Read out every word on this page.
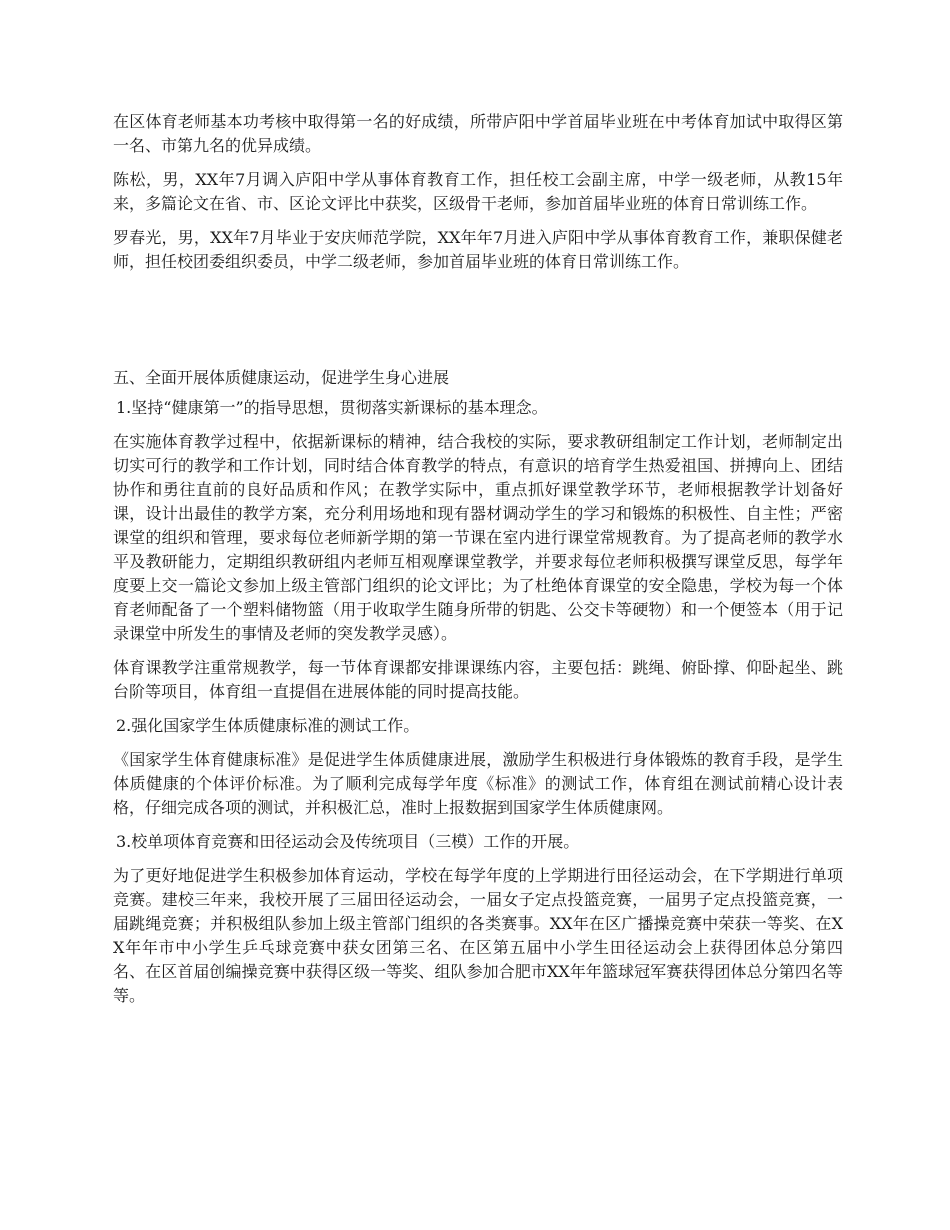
在区体育老师基本功考核中取得第一名的好成绩，所带庐阳中学首届毕业班在中考体育加试中取得区第一名、市第九名的优异成绩。

陈松，男，XX年7月调入庐阳中学从事体育教育工作，担任校工会副主席，中学一级老师，从教15年来，多篇论文在省、市、区论文评比中获奖，区级骨干老师，参加首届毕业班的体育日常训练工作。

罗春光，男，XX年7月毕业于安庆师范学院，XX年年7月进入庐阳中学从事体育教育工作，兼职保健老师，担任校团委组织委员，中学二级老师，参加首届毕业班的体育日常训练工作。

五、全面开展体质健康运动，促进学生身心进展

1.坚持“健康第一”的指导思想，贯彻落实新课标的基本理念。

在实施体育教学过程中，依据新课标的精神，结合我校的实际，要求教研组制定工作计划，老师制定出切实可行的教学和工作计划，同时结合体育教学的特点，有意识的培育学生热爱祖国、拼搏向上、团结协作和勇往直前的良好品质和作风；在教学实际中，重点抓好课堂教学环节，老师根据教学计划备好课，设计出最佳的教学方案，充分利用场地和现有器材调动学生的学习和锻炼的积极性、自主性；严密课堂的组织和管理，要求每位老师新学期的第一节课在室内进行课堂常规教育。为了提高老师的教学水平及教研能力，定期组织教研组内老师互相观摩课堂教学，并要求每位老师积极撰写课堂反思，每学年度要上交一篇论文参加上级主管部门组织的论文评比；为了杜绝体育课堂的安全隐患，学校为每一个体育老师配备了一个塑料储物篮（用于收取学生随身所带的钥匙、公交卡等硬物）和一个便签本（用于记录课堂中所发生的事情及老师的突发教学灵感）。

体育课教学注重常规教学，每一节体育课都安排课课练内容，主要包括：跳绳、俯卧撑、仰卧起坐、跳台阶等项目，体育组一直提倡在进展体能的同时提高技能。

2.强化国家学生体质健康标准的测试工作。

《国家学生体育健康标准》是促进学生体质健康进展，激励学生积极进行身体锻炼的教育手段，是学生体质健康的个体评价标准。为了顺利完成每学年度《标准》的测试工作，体育组在测试前精心设计表格，仔细完成各项的测试，并积极汇总，准时上报数据到国家学生体质健康网。

3.校单项体育竞赛和田径运动会及传统项目（三模）工作的开展。

为了更好地促进学生积极参加体育运动，学校在每学年度的上学期进行田径运动会，在下学期进行单项竞赛。建校三年来，我校开展了三届田径运动会，一届女子定点投篮竞赛，一届男子定点投篮竞赛，一届跳绳竞赛；并积极组队参加上级主管部门组织的各类赛事。XX年在区广播操竞赛中荣获一等奖、在XX年年市中小学生乒乓球竞赛中获女团第三名、在区第五届中小学生田径运动会上获得团体总分第四名、在区首届创编操竞赛中获得区级一等奖、组队参加合肥市XX年年篮球冠军赛获得团体总分第四名等等。
